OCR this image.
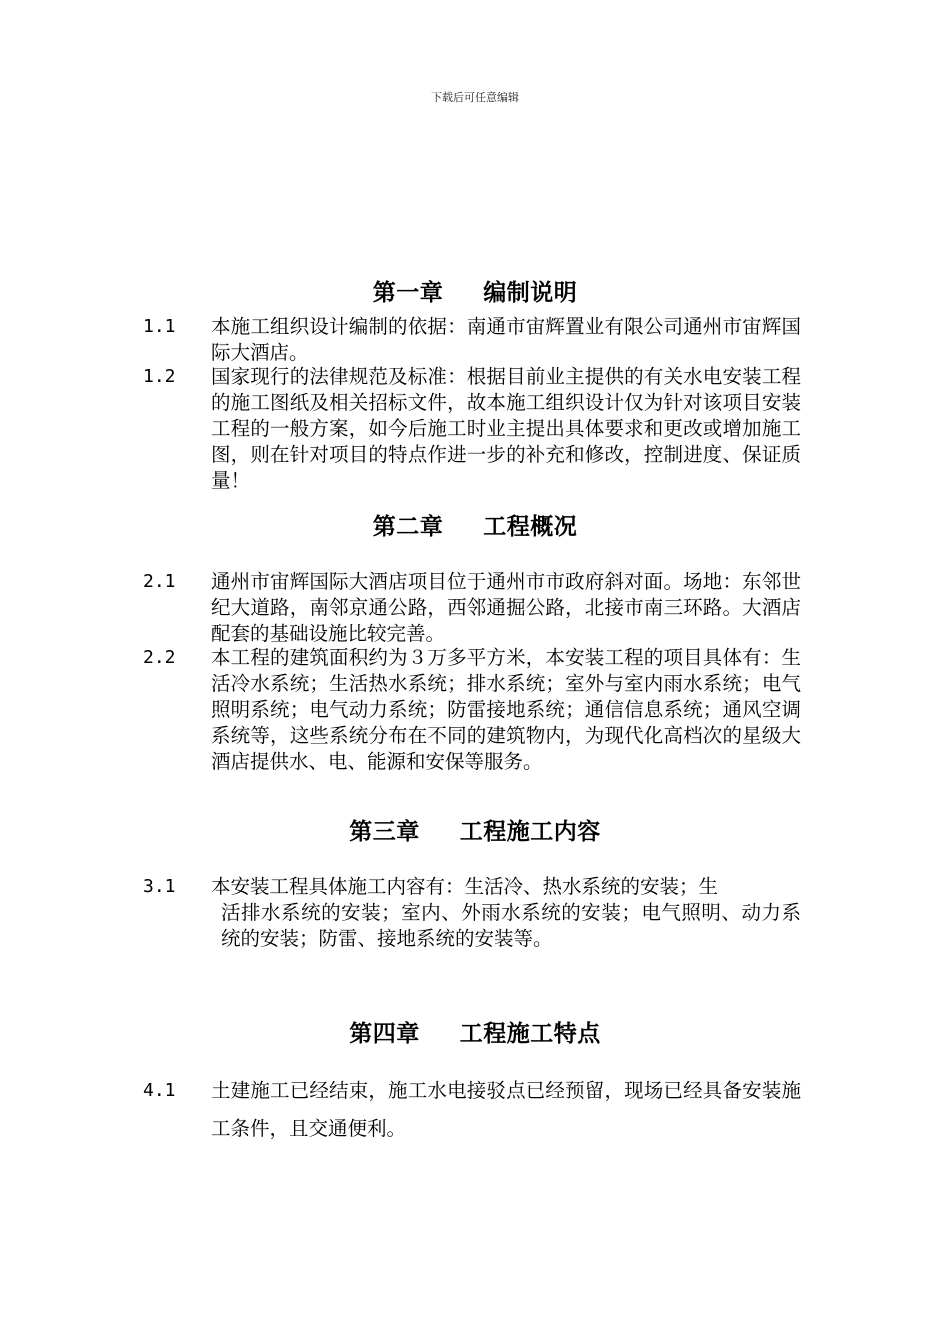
下载后可任意编辑
第一章 编制说明
1.1 本施工组织设计编制的依据：南通市宙辉置业有限公司通州市宙辉国际大酒店。
1.2 国家现行的法律规范及标准：根据目前业主提供的有关水电安装工程的施工图纸及相关招标文件，故本施工组织设计仅为针对该项目安装工程的一般方案，如今后施工时业主提出具体要求和更改或增加施工图，则在针对项目的特点作进一步的补充和修改，控制进度、保证质量！
第二章 工程概况
2.1 通州市宙辉国际大酒店项目位于通州市市政府斜对面。场地：东邻世纪大道路，南邻京通公路，西邻通掘公路，北接市南三环路。大酒店配套的基础设施比较完善。
2.2 本工程的建筑面积约为３万多平方米，本安装工程的项目具体有：生活冷水系统；生活热水系统；排水系统；室外与室内雨水系统；电气照明系统；电气动力系统；防雷接地系统；通信信息系统；通风空调系统等，这些系统分布在不同的建筑物内，为现代化高档次的星级大酒店提供水、电、能源和安保等服务。
第三章 工程施工内容
3.1 本安装工程具体施工内容有：生活冷、热水系统的安装；生
活排水系统的安装；室内、外雨水系统的安装；电气照明、动力系统的安装；防雷、接地系统的安装等。
第四章 工程施工特点
4.1 土建施工已经结束，施工水电接驳点已经预留，现场已经具备安装施工条件，且交通便利。
